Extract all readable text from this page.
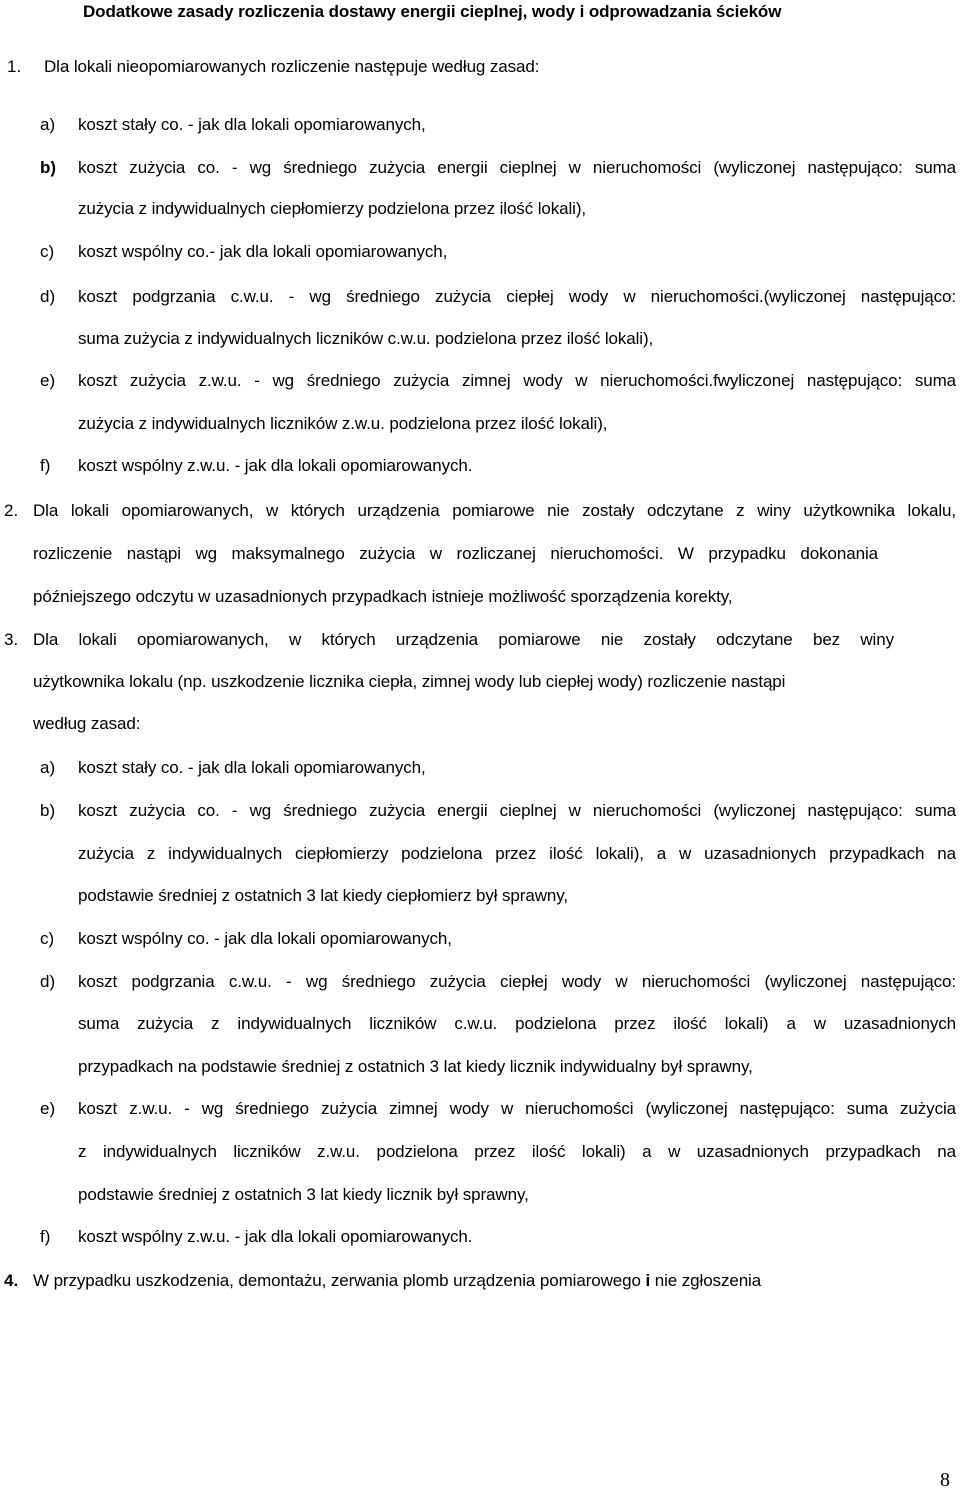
Dodatkowe zasady rozliczenia dostawy energii cieplnej, wody i odprowadzania ścieków
1. Dla lokali nieopomiarowanych rozliczenie następuje według zasad:
a) koszt stały co. - jak dla lokali opomiarowanych,
b) koszt zużycia co. - wg średniego zużycia energii cieplnej w nieruchomości (wyliczonej następująco: suma
zużycia z indywidualnych ciepłomierzy podzielona przez ilość lokali),
c) koszt wspólny co.- jak dla lokali opomiarowanych,
d) koszt podgrzania c.w.u. - wg średniego zużycia ciepłej wody w nieruchomości.(wyliczonej następująco:
suma zużycia z indywidualnych liczników c.w.u. podzielona przez ilość lokali),
e) koszt zużycia z.w.u. - wg średniego zużycia zimnej wody w nieruchomości.fwyliczonej następująco: suma
zużycia z indywidualnych liczników z.w.u. podzielona przez ilość lokali),
f) koszt wspólny z.w.u. - jak dla lokali opomiarowanych.
2. Dla lokali opomiarowanych, w których urządzenia pomiarowe nie zostały odczytane z winy użytkownika lokalu,
rozliczenie nastąpi wg maksymalnego zużycia w rozliczanej nieruchomości. W przypadku dokonania
późniejszego odczytu w uzasadnionych przypadkach istnieje możliwość sporządzenia korekty,
3. Dla lokali opomiarowanych, w których urządzenia pomiarowe nie zostały odczytane bez winy
użytkownika lokalu (np. uszkodzenie licznika ciepła, zimnej wody lub ciepłej wody) rozliczenie nastąpi
według zasad:
a) koszt stały co. - jak dla lokali opomiarowanych,
b) koszt zużycia co. - wg średniego zużycia energii cieplnej w nieruchomości (wyliczonej następująco: suma
zużycia z indywidualnych ciepłomierzy podzielona przez ilość lokali), a w uzasadnionych przypadkach na
podstawie średniej z ostatnich 3 lat kiedy ciepłomierz był sprawny,
c) koszt wspólny co. - jak dla lokali opomiarowanych,
d) koszt podgrzania c.w.u. - wg średniego zużycia ciepłej wody w nieruchomości (wyliczonej następująco:
suma zużycia z indywidualnych liczników c.w.u. podzielona przez ilość lokali) a w uzasadnionych
przypadkach na podstawie średniej z ostatnich 3 lat kiedy licznik indywidualny był sprawny,
e) koszt z.w.u. - wg średniego zużycia zimnej wody w nieruchomości (wyliczonej następująco: suma zużycia
z indywidualnych liczników z.w.u. podzielona przez ilość lokali) a w uzasadnionych przypadkach na
podstawie średniej z ostatnich 3 lat kiedy licznik był sprawny,
f) koszt wspólny z.w.u. - jak dla lokali opomiarowanych.
4. W przypadku uszkodzenia, demontażu, zerwania plomb urządzenia pomiarowego i nie zgłoszenia
8
